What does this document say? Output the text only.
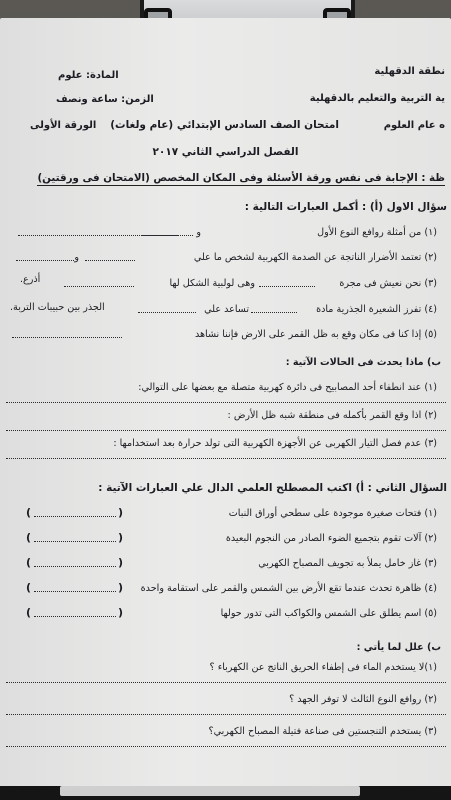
نطقة الدقهلية
المادة: علوم
ية التربية والتعليم بالدقهلية
الزمن: ساعة ونصف
ه عام العلوم
امتحان الصف السادس الإبتدائي (عام ولغات)
الورقة الأولى
الفصل الدراسي الثاني ٢٠١٧
ظة : الإجابة فى نفس ورقة الأسئلة وفى المكان المخصص (الامتحان فى ورقتين)
سؤال الاول (أ) : أكمل العبارات التالية :
(١) من أمثلة روافع النوع الأول
و
(٢) تعتمد الأضرار الناتجة عن الصدمة الكهربية لشخص ما علي
و
(٣) نحن نعيش فى مجرة
وهى لولبية الشكل لها
أذرع.
(٤) تفرز الشعيرة الجذرية مادة
تساعد علي
الجذر بين حبيبات التربة.
(٥) إذا كنا فى مكان وقع به ظل القمر على الارض فإننا نشاهد
ب) ماذا يحدث فى الحالات الآتية :
(١) عند انطفاء أحد المصابيح فى دائرة كهربية متصلة مع بعضها على التوالي:
(٢) اذا وقع القمر بأكمله فى منطقة شبه ظل الأرض :
(٣) عدم فصل التيار الكهربى عن الأجهزة الكهربية التى تولد حرارة بعد استخدامها :
السؤال الثاني : أ) اكتب المصطلح العلمي الدال علي العبارات الآتية :
(١) فتحات صغيرة موجودة على سطحي أوراق النبات
(
)
(٢) آلات تقوم بتجميع الضوء الصادر من النجوم البعيدة
(
)
(٣) غاز خامل يملأ به تجويف المصباح الكهربي
(
)
(٤) ظاهرة تحدث عندما تقع الأرض بين الشمس والقمر على استقامة واحدة
(
)
(٥) اسم يطلق على الشمس والكواكب التى تدور حولها
(
)
ب) علل لما يأتي :
(١)لا يستخدم الماء فى إطفاء الحريق الناتج عن الكهرباء ؟
(٢) روافع النوع الثالث لا توفر الجهد ؟
(٣) يستخدم التنجستين فى صناعة فتيلة المصباح الكهربي؟
